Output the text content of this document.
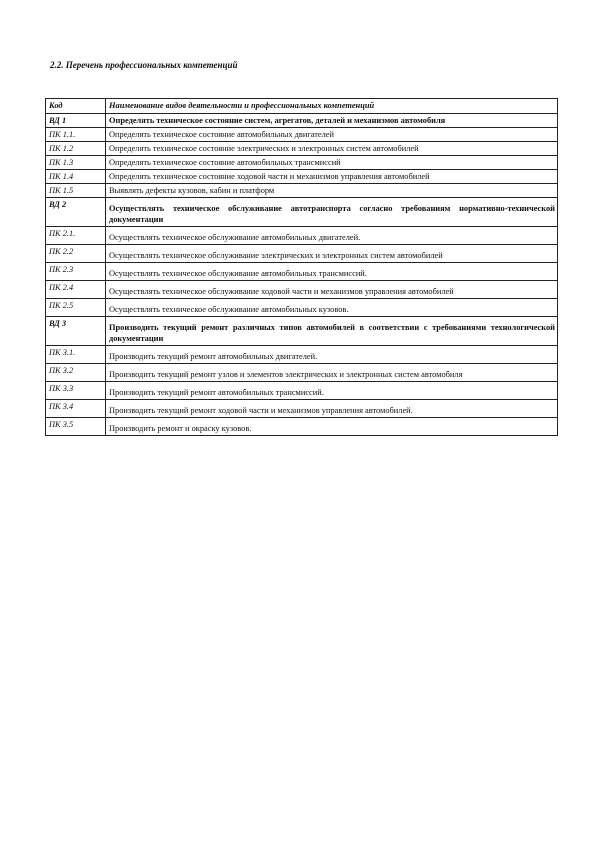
2.2. Перечень профессиональных компетенций
Код	Наименование видов деятельности и профессиональных компетенций
ВД 1	Определять техническое состояние систем, агрегатов, деталей и механизмов автомобиля
ПК 1.1.	Определять техническое состояние автомобильных двигателей
ПК 1.2	Определять техническое состояние электрических и электронных систем автомобилей
ПК 1.3	Определять техническое состояние автомобильных трансмиссий
ПК 1.4	Определять техническое состояние ходовой части и механизмов управления автомобилей
ПК 1.5	Выявлять дефекты кузовов, кабин и платформ
ВД 2	Осуществлять техническое обслуживание автотранспорта согласно требованиям нормативно-технической документации
ПК 2.1.	Осуществлять техническое обслуживание автомобильных двигателей.
ПК 2.2	Осуществлять техническое обслуживание электрических и электронных систем автомобилей
ПК 2.3	Осуществлять техническое обслуживание автомобильных трансмиссий.
ПК 2.4	Осуществлять техническое обслуживание ходовой части и механизмов управления автомобилей
ПК 2.5	Осуществлять техническое обслуживание автомобильных кузовов.
ВД 3	Производить текущий ремонт различных типов автомобилей в соответствии с требованиями технологической документации
ПК 3.1.	Производить текущий ремонт автомобильных двигателей.
ПК 3.2	Производить текущий ремонт узлов и элементов электрических и электронных систем автомобиля
ПК 3.3	Производить текущий ремонт автомобильных трансмиссий.
ПК 3.4	Производить текущий ремонт ходовой части и механизмов управления автомобилей.
ПК 3.5	Производить ремонт и окраску кузовов.
